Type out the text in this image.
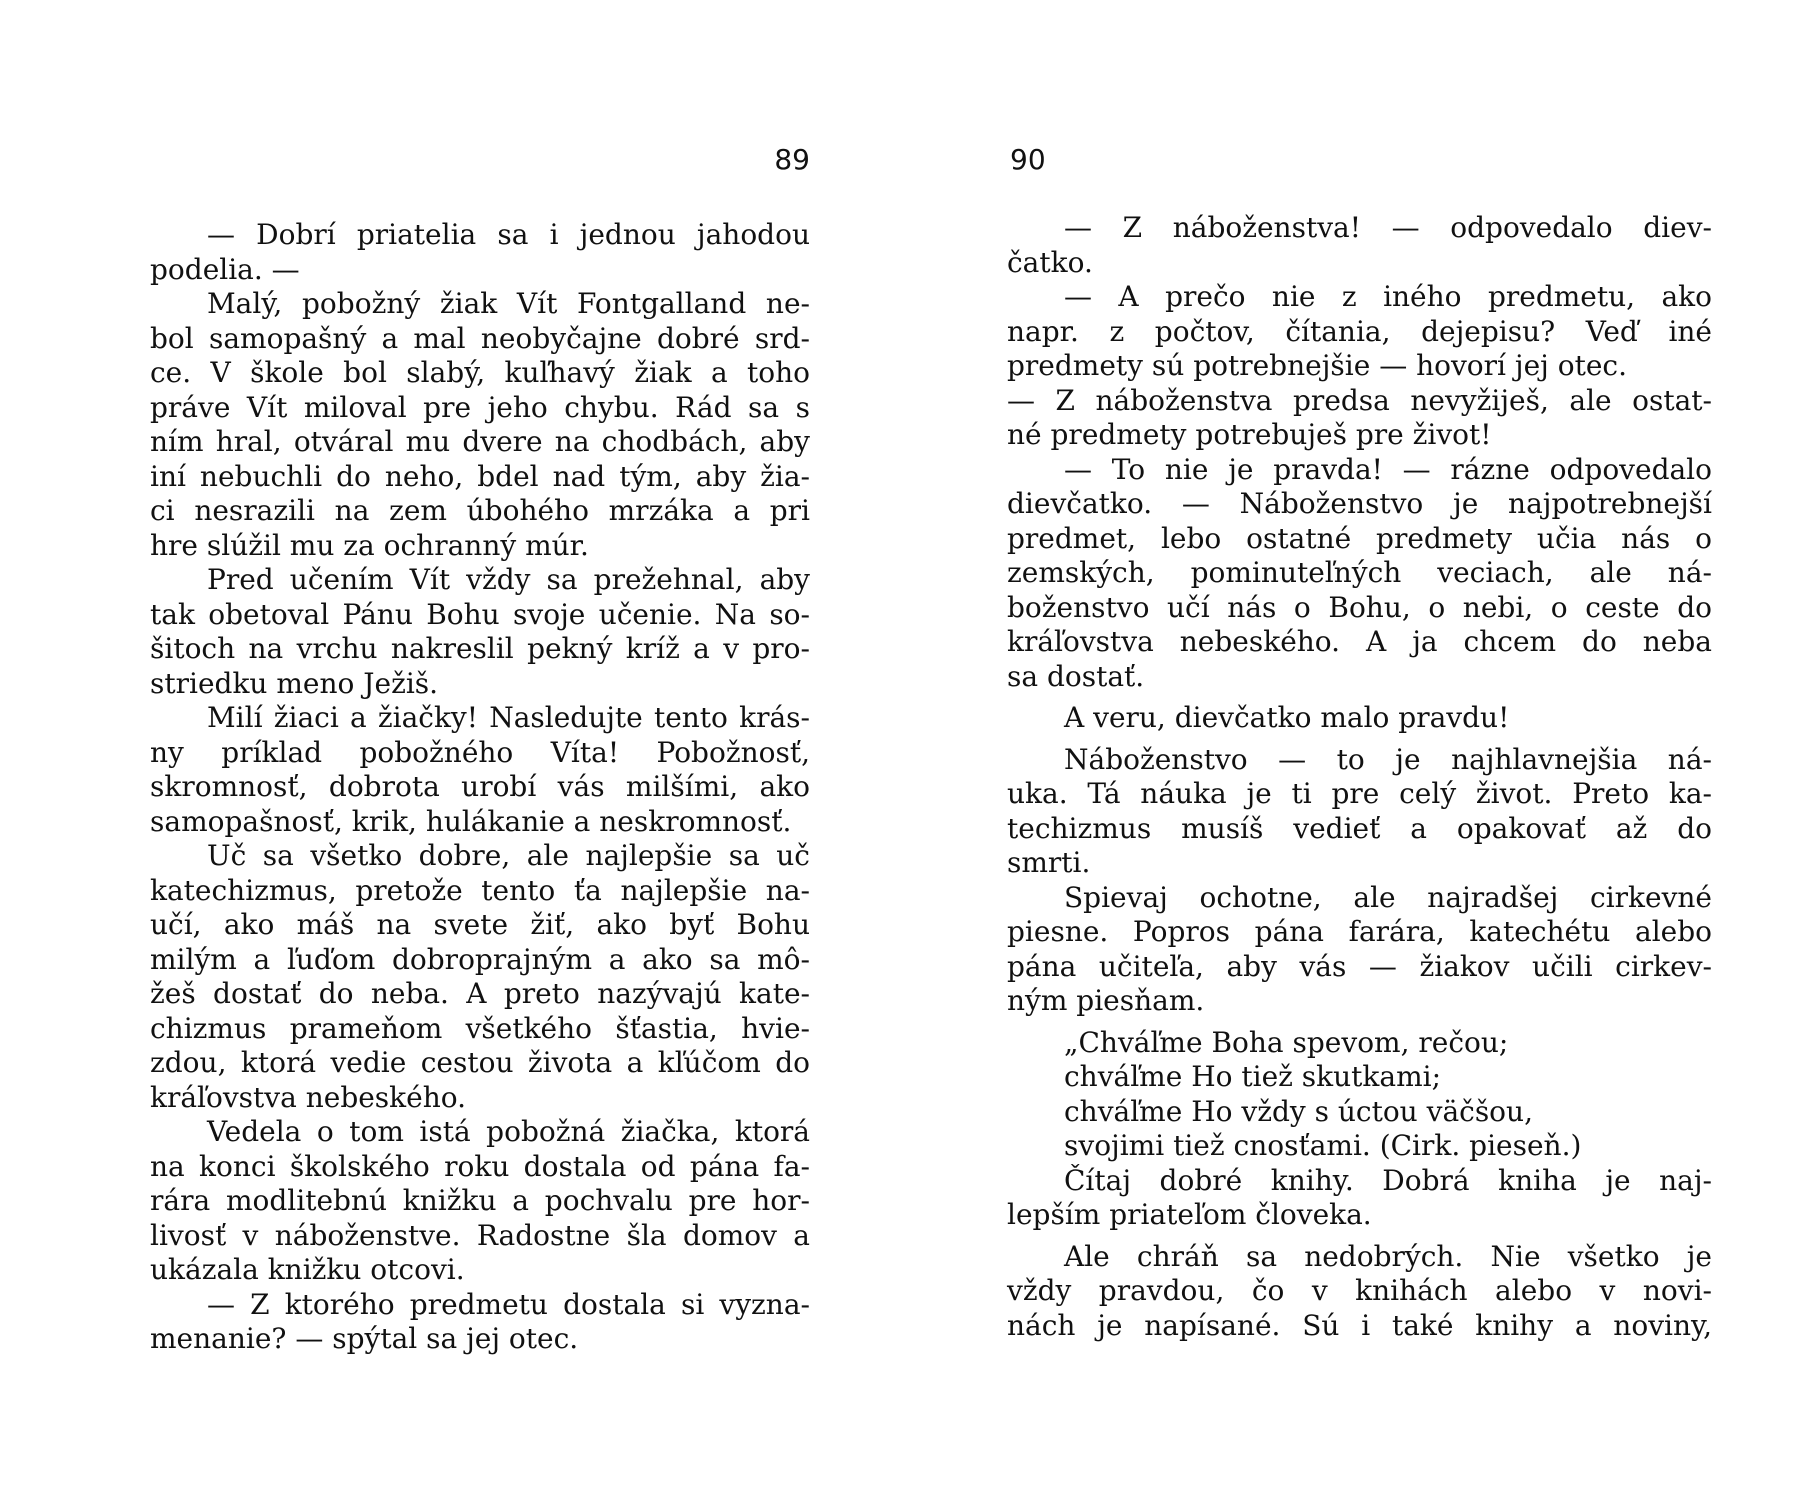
89
— Dobrí priatelia sa i jednou jahodou
podelia. —
Malý, pobožný žiak Vít Fontgalland ne-
bol samopašný a mal neobyčajne dobré srd-
ce. V škole bol slabý, kuľhavý žiak a toho
práve Vít miloval pre jeho chybu. Rád sa s
ním hral, otváral mu dvere na chodbách, aby
iní nebuchli do neho, bdel nad tým, aby žia-
ci nesrazili na zem úbohého mrzáka a pri
hre slúžil mu za ochranný múr.
Pred učením Vít vždy sa prežehnal, aby
tak obetoval Pánu Bohu svoje učenie. Na so-
šitoch na vrchu nakreslil pekný kríž a v pro-
striedku meno Ježiš.
Milí žiaci a žiačky! Nasledujte tento krás-
ny príklad pobožného Víta! Pobožnosť,
skromnosť, dobrota urobí vás milšími, ako
samopašnosť, krik, hulákanie a neskromnosť.
Uč sa všetko dobre, ale najlepšie sa uč
katechizmus, pretože tento ťa najlepšie na-
učí, ako máš na svete žiť, ako byť Bohu
milým a ľuďom dobroprajným a ako sa mô-
žeš dostať do neba. A preto nazývajú kate-
chizmus prameňom všetkého šťastia, hvie-
zdou, ktorá vedie cestou života a kľúčom do
kráľovstva nebeského.
Vedela o tom istá pobožná žiačka, ktorá
na konci školského roku dostala od pána fa-
rára modlitebnú knižku a pochvalu pre hor-
livosť v náboženstve. Radostne šla domov a
ukázala knižku otcovi.
— Z ktorého predmetu dostala si vyzna-
menanie? — spýtal sa jej otec.
90
— Z náboženstva! — odpovedalo diev-
čatko.
— A prečo nie z iného predmetu, ako
napr. z počtov, čítania, dejepisu? Veď iné
predmety sú potrebnejšie — hovorí jej otec.
— Z náboženstva predsa nevyžiješ, ale ostat-
né predmety potrebuješ pre život!
— To nie je pravda! — rázne odpovedalo
dievčatko. — Náboženstvo je najpotrebnejší
predmet, lebo ostatné predmety učia nás o
zemských, pominuteľných veciach, ale ná-
boženstvo učí nás o Bohu, o nebi, o ceste do
kráľovstva nebeského. A ja chcem do neba
sa dostať.
A veru, dievčatko malo pravdu!
Náboženstvo — to je najhlavnejšia ná-
uka. Tá náuka je ti pre celý život. Preto ka-
techizmus musíš vedieť a opakovať až do
smrti.
Spievaj ochotne, ale najradšej cirkevné
piesne. Popros pána farára, katechétu alebo
pána učiteľa, aby vás — žiakov učili cirkev-
ným piesňam.
„Chváľme Boha spevom, rečou;
chváľme Ho tiež skutkami;
chváľme Ho vždy s úctou väčšou,
svojimi tiež cnosťami. (Cirk. pieseň.)
Čítaj dobré knihy. Dobrá kniha je naj-
lepším priateľom človeka.
Ale chráň sa nedobrých. Nie všetko je
vždy pravdou, čo v knihách alebo v novi-
nách je napísané. Sú i také knihy a noviny,
